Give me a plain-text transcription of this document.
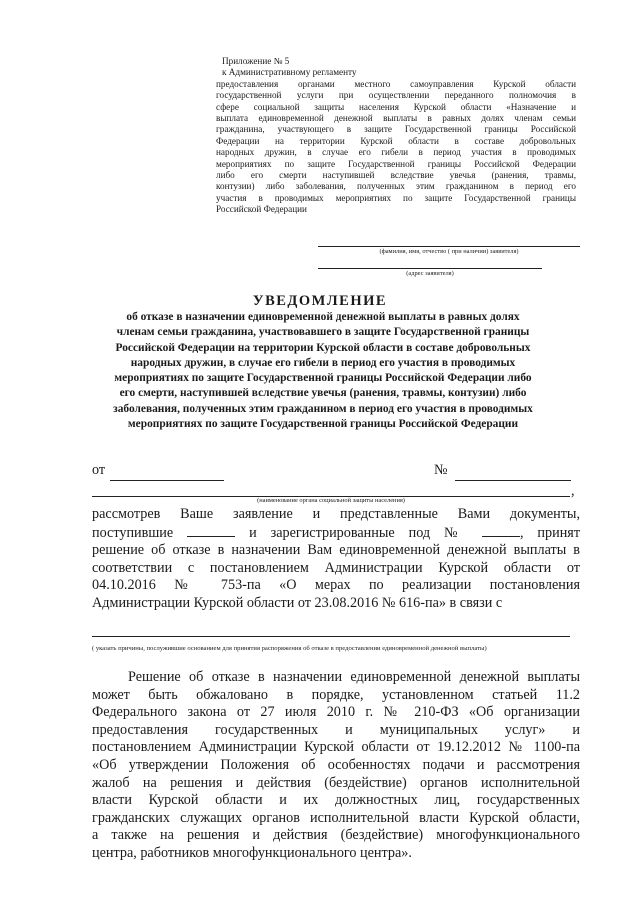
Приложение № 5
к Административному регламенту
предоставления органами местного самоуправления Курской области
государственной услуги при осуществлении переданного полномочия в
сфере социальной защиты населения Курской области «Назначение и
выплата единовременной денежной выплаты в равных долях членам семьи
гражданина, участвующего в защите Государственной границы Российской
Федерации на территории Курской области в составе добровольных
народных дружин, в случае его гибели в период участия в проводимых
мероприятиях по защите Государственной границы Российской Федерации
либо его смерти наступившей вследствие увечья (ранения, травмы,
контузии) либо заболевания, полученных этим гражданином в период его
участия в проводимых мероприятиях по защите Государственной границы
Российской Федерации
(фамилия, имя, отчество ( при наличии) заявителя)
(адрес заявителя)
УВЕДОМЛЕНИЕ
об отказе в назначении единовременной денежной выплаты в равных долях
членам семьи гражданина, участвовавшего в защите Государственной границы
Российской Федерации на территории Курской области в составе добровольных
народных дружин, в случае его гибели в период его участия в проводимых
мероприятиях по защите Государственной границы Российской Федерации либо
его смерти, наступившей вследствие увечья (ранения, травмы, контузии) либо
заболевания, полученных этим гражданином в период его участия в проводимых
мероприятиях по защите Государственной границы Российской Федерации
от	№
,
(наименование органа социальной защиты населения)
рассмотрев Ваше заявление и представленные Вами документы,
поступившие	и зарегистрированные под №	, принят
решение об отказе в назначении Вам единовременной денежной выплаты в
соответствии с постановлением Администрации Курской области от
04.10.2016 № 753-па «О мерах по реализации постановления
Администрации Курской области от 23.08.2016 № 616-па» в связи с
( указать причины, послужившие основанием для принятия распоряжения об отказе в предоставлении единовременной денежной выплаты)
Решение об отказе в назначении единовременной денежной выплаты
может быть обжаловано в порядке, установленном статьей 11.2
Федерального закона от 27 июля 2010 г. № 210-ФЗ «Об организации
предоставления государственных и муниципальных услуг» и
постановлением Администрации Курской области от 19.12.2012 № 1100-па
«Об утверждении Положения об особенностях подачи и рассмотрения
жалоб на решения и действия (бездействие) органов исполнительной
власти Курской области и их должностных лиц, государственных
гражданских служащих органов исполнительной власти Курской области,
а также на решения и действия (бездействие) многофункционального
центра, работников многофункционального центра».
